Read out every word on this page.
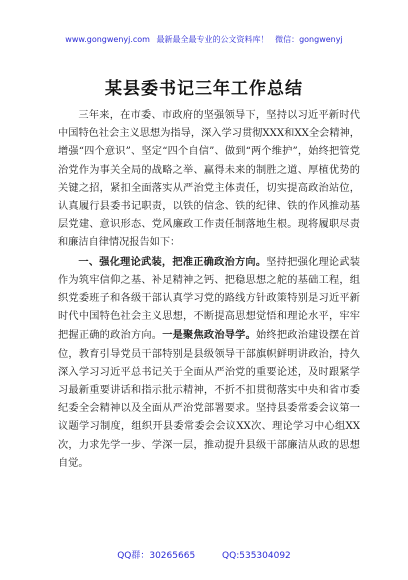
www.gongwenyj.com 最新最全最专业的公文资料库！ 微信：gongwenyj
某县委书记三年工作总结

三年来，在市委、市政府的坚强领导下，坚持以习近平新时代中国特色社会主义思想为指导，深入学习贯彻XXX和XX全会精神，增强“四个意识”、坚定“四个自信”、做到“两个维护”，始终把管党治党作为事关全局的战略之举、赢得未来的制胜之道、厚植优势的关键之招，紧扣全面落实从严治党主体责任，切实提高政治站位，认真履行县委书记职责，以铁的信念、铁的纪律、铁的作风推动基层党建、意识形态、党风廉政工作责任制落地生根。现将履职尽责和廉洁自律情况报告如下：

一、强化理论武装，把准正确政治方向。坚持把强化理论武装作为筑牢信仰之基、补足精神之钙、把稳思想之舵的基础工程，组织党委班子和各级干部认真学习党的路线方针政策特别是习近平新时代中国特色社会主义思想，不断提高思想觉悟和理论水平，牢牢把握正确的政治方向。一是聚焦政治导学。始终把政治建设摆在首位，教育引导党员干部特别是县级领导干部旗帜鲜明讲政治，持久深入学习习近平总书记关于全面从严治党的重要论述，及时跟紧学习最新重要讲话和指示批示精神，不折不扣贯彻落实中央和省市委纪委全会精神以及全面从严治党部署要求。坚持县委常委会议第一议题学习制度，组织开县委常委会会议XX次、理论学习中心组XX次，力求先学一步、学深一层，推动提升县级干部廉洁从政的思想自觉。

QQ群：30265665	QQ:535304092
